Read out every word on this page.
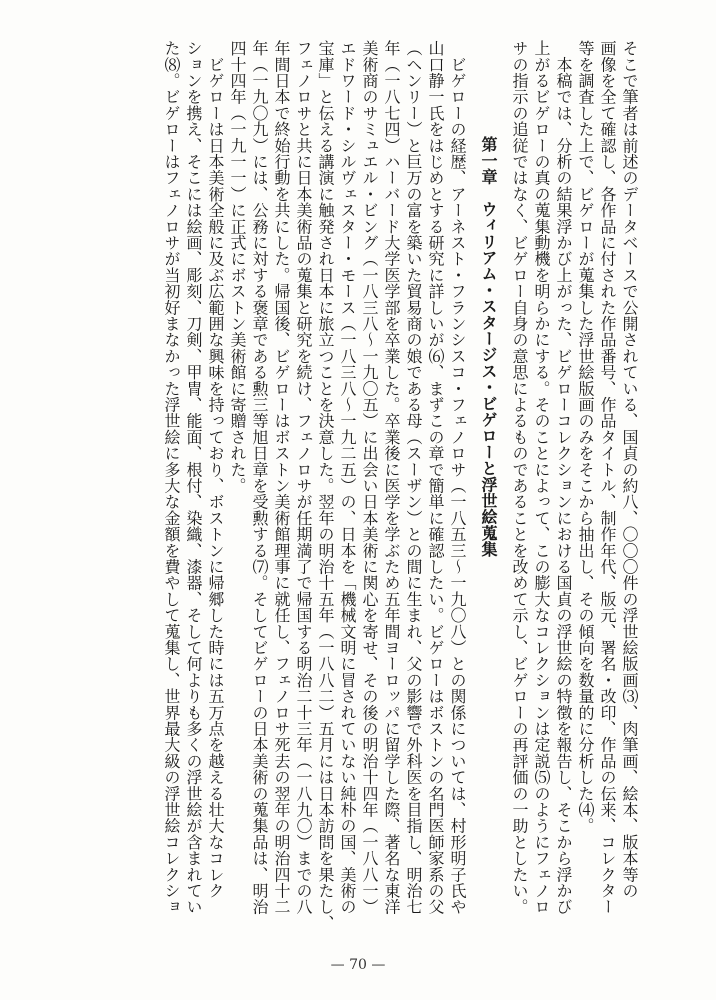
そこで筆者は前述のデータベースで公開されている、国貞の約八、〇〇〇件の浮世絵版画⑶、肉筆画、絵本、版本等の
画像を全て確認し、各作品に付された作品番号、作品タイトル、制作年代、版元、署名・改印、作品の伝来、コレクター
等を調査した上で、ビゲローが蒐集した浮世絵版画のみをそこから抽出し、その傾向を数量的に分析した⑷。
　本稿では、分析の結果浮かび上がった、ビゲローコレクションにおける国貞の浮世絵の特徴を報告し、そこから浮かび
上がるビゲローの真の蒐集動機を明らかにする。そのことによって、この膨大なコレクションは定説⑸のようにフェノロ
サの指示の追従ではなく、ビゲロー自身の意思によるものであることを改めて示し、ビゲローの再評価の一助としたい。
第一章　ウィリアム・スタージス・ビゲローと浮世絵蒐集
　ビゲローの経歴、アーネスト・フランシスコ・フェノロサ（一八五三〜一九〇八）との関係については、村形明子氏や
山口静一氏をはじめとする研究に詳しいが⑹、まずこの章で簡単に確認したい。ビゲローはボストンの名門医師家系の父
（ヘンリー）と巨万の富を築いた貿易商の娘である母（スーザン）との間に生まれ、父の影響で外科医を目指し、明治七
年（一八七四）ハーバード大学医学部を卒業した。卒業後に医学を学ぶため五年間ヨーロッパに留学した際、著名な東洋
美術商のサミュエル・ビング（一八三八〜一九〇五）に出会い日本美術に関心を寄せ、その後の明治十四年（一八八一）
エドワード・シルヴェスター・モース（一八三八〜一九二五）の、日本を「機械文明に冒されていない純朴の国、美術の
宝庫」と伝える講演に触発され日本に旅立つことを決意した。翌年の明治十五年（一八八二）五月には日本訪問を果たし、
フェノロサと共に日本美術品の蒐集と研究を続け、フェノロサが任期満了で帰国する明治二十三年（一八九〇）までの八
年間日本で終始行動を共にした。帰国後、ビゲローはボストン美術館理事に就任し、フェノロサ死去の翌年の明治四十二
年（一九〇九）には、公務に対する褒章である勲三等旭日章を受勲する⑺。そしてビゲローの日本美術の蒐集品は、明治
四十四年（一九一一）に正式にボストン美術館に寄贈された。
　ビゲローは日本美術全般に及ぶ広範囲な興味を持っており、ボストンに帰郷した時には五万点を越える壮大なコレク
ションを携え、そこには絵画、彫刻、刀剣、甲冑、能面、根付、染織、漆器、そして何よりも多くの浮世絵が含まれてい
た⑻。ビゲローはフェノロサが当初好まなかった浮世絵に多大な金額を費やして蒐集し、世界最大級の浮世絵コレクショ
— 70 —
